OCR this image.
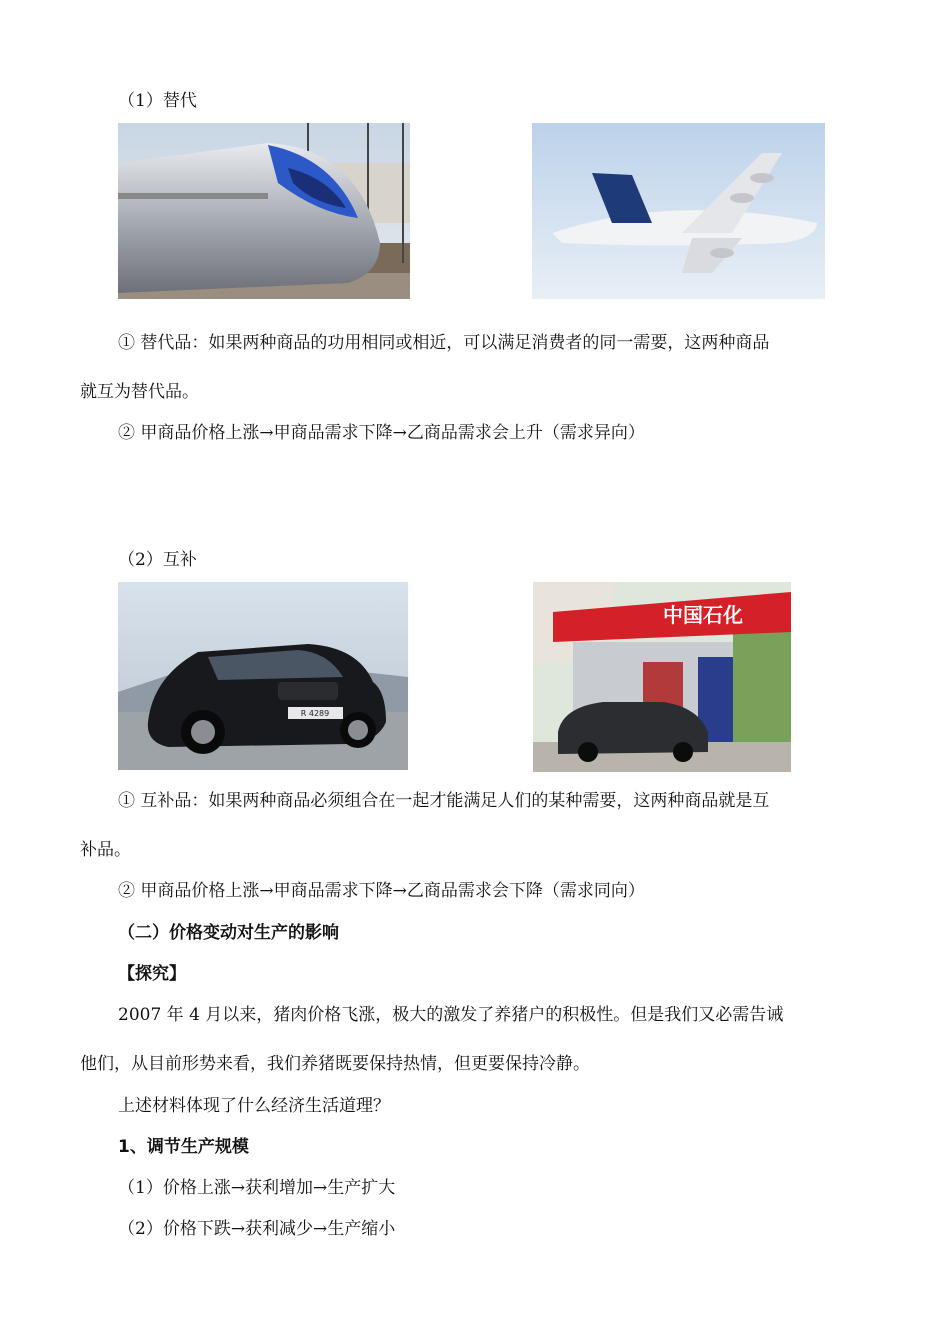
（1）替代
① 替代品：如果两种商品的功用相同或相近，可以满足消费者的同一需要，这两种商品
就互为替代品。
② 甲商品价格上涨→甲商品需求下降→乙商品需求会上升（需求异向）
（2）互补
R 4289
中国石化
① 互补品：如果两种商品必须组合在一起才能满足人们的某种需要，这两种商品就是互
补品。
② 甲商品价格上涨→甲商品需求下降→乙商品需求会下降（需求同向）
（二）价格变动对生产的影响
【探究】
2007 年 4 月以来，猪肉价格飞涨，极大的激发了养猪户的积极性。但是我们又必需告诫
他们，从目前形势来看，我们养猪既要保持热情，但更要保持冷静。
上述材料体现了什么经济生活道理？
1、调节生产规模
（1）价格上涨→获利增加→生产扩大
（2）价格下跌→获利减少→生产缩小
